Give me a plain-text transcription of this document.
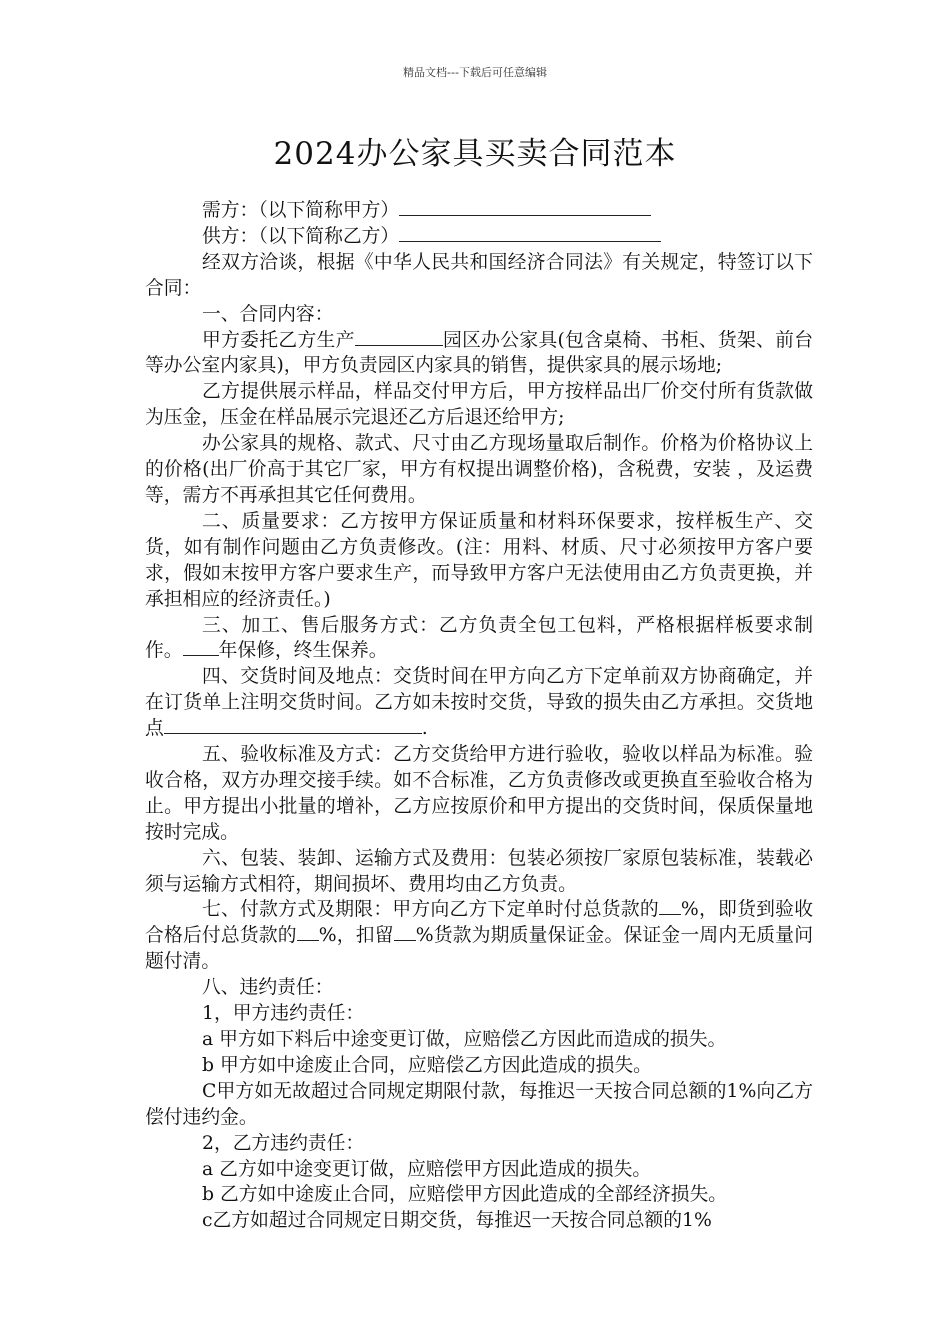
精品文档---下载后可任意编辑
2024办公家具买卖合同范本

需方：（以下简称甲方）

供方：（以下简称乙方）

经双方洽谈，根据《中华人民共和国经济合同法》有关规定，特签订以下合同：

一、合同内容：

甲方委托乙方生产	园区办公家具(包含桌椅、书柜、货架、前台等办公室内家具)，甲方负责园区内家具的销售，提供家具的展示场地;

乙方提供展示样品，样品交付甲方后，甲方按样品出厂价交付所有货款做为压金，压金在样品展示完退还乙方后退还给甲方;

办公家具的规格、款式、尺寸由乙方现场量取后制作。价格为价格协议上的价格(出厂价高于其它厂家，甲方有权提出调整价格)，含税费，安装 ，及运费等，需方不再承担其它任何费用。

二、质量要求：乙方按甲方保证质量和材料环保要求，按样板生产、交货，如有制作问题由乙方负责修改。(注：用料、材质、尺寸必须按甲方客户要求，假如末按甲方客户要求生产，而导致甲方客户无法使用由乙方负责更换，并承担相应的经济责任。)

三、加工、售后服务方式：乙方负责全包工包料，严格根据样板要求制作。 年保修，终生保养。

四、交货时间及地点：交货时间在甲方向乙方下定单前双方协商确定，并在订货单上注明交货时间。乙方如未按时交货，导致的损失由乙方承担。交货地点	.

五、验收标准及方式：乙方交货给甲方进行验收，验收以样品为标准。验收合格，双方办理交接手续。如不合标准，乙方负责修改或更换直至验收合格为止。甲方提出小批量的增补，乙方应按原价和甲方提出的交货时间，保质保量地按时完成。

六、包装、装卸、运输方式及费用：包装必须按厂家原包装标准，装载必须与运输方式相符，期间损坏、费用均由乙方负责。

七、付款方式及期限：甲方向乙方下定单时付总货款的 %，即货到验收合格后付总货款的 %，扣留 %货款为期质量保证金。保证金一周内无质量问题付清。

八、违约责任：

1，甲方违约责任：

a 甲方如下料后中途变更订做，应赔偿乙方因此而造成的损失。

b 甲方如中途废止合同，应赔偿乙方因此造成的损失。

C甲方如无故超过合同规定期限付款，每推迟一天按合同总额的1%向乙方偿付违约金。

2，乙方违约责任：

a 乙方如中途变更订做，应赔偿甲方因此造成的损失。

b 乙方如中途废止合同，应赔偿甲方因此造成的全部经济损失。

c乙方如超过合同规定日期交货，每推迟一天按合同总额的1%
